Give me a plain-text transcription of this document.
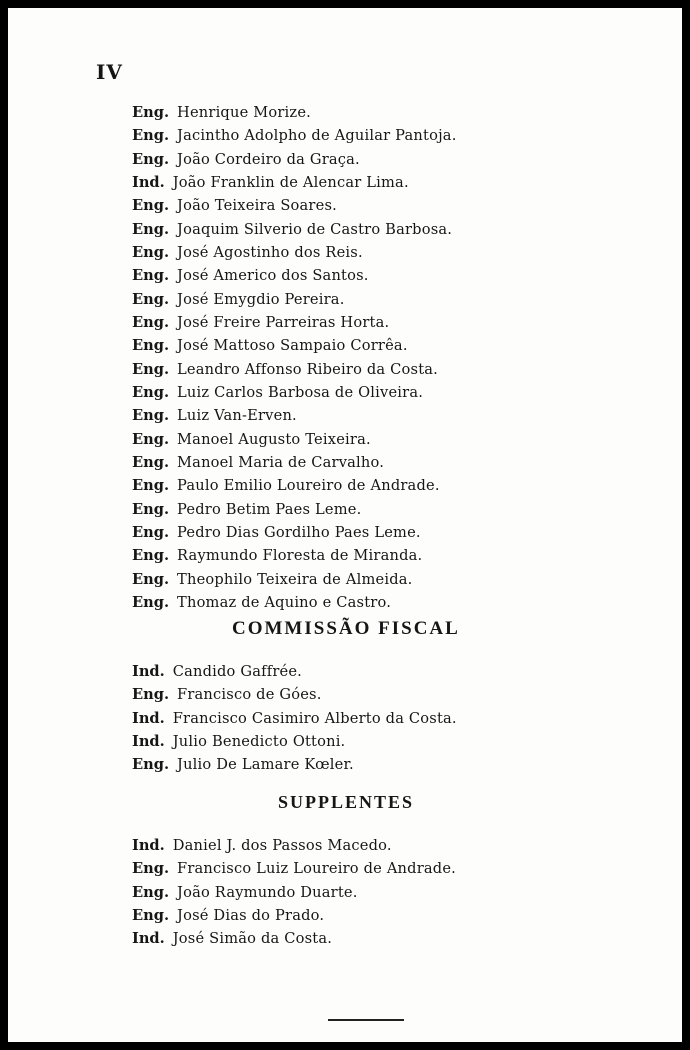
IV
Eng. Henrique Morize.
Eng. Jacintho Adolpho de Aguilar Pantoja.
Eng. João Cordeiro da Graça.
Ind. João Franklin de Alencar Lima.
Eng. João Teixeira Soares.
Eng. Joaquim Silverio de Castro Barbosa.
Eng. José Agostinho dos Reis.
Eng. José Americo dos Santos.
Eng. José Emygdio Pereira.
Eng. José Freire Parreiras Horta.
Eng. José Mattoso Sampaio Corrêa.
Eng. Leandro Affonso Ribeiro da Costa.
Eng. Luiz Carlos Barbosa de Oliveira.
Eng. Luiz Van-Erven.
Eng. Manoel Augusto Teixeira.
Eng. Manoel Maria de Carvalho.
Eng. Paulo Emilio Loureiro de Andrade.
Eng. Pedro Betim Paes Leme.
Eng. Pedro Dias Gordilho Paes Leme.
Eng. Raymundo Floresta de Miranda.
Eng. Theophilo Teixeira de Almeida.
Eng. Thomaz de Aquino e Castro.
COMMISSÃO FISCAL
Ind. Candido Gaffrée.
Eng. Francisco de Góes.
Ind. Francisco Casimiro Alberto da Costa.
Ind. Julio Benedicto Ottoni.
Eng. Julio De Lamare Kœler.
SUPPLENTES
Ind. Daniel J. dos Passos Macedo.
Eng. Francisco Luiz Loureiro de Andrade.
Eng. João Raymundo Duarte.
Eng. José Dias do Prado.
Ind. José Simão da Costa.
